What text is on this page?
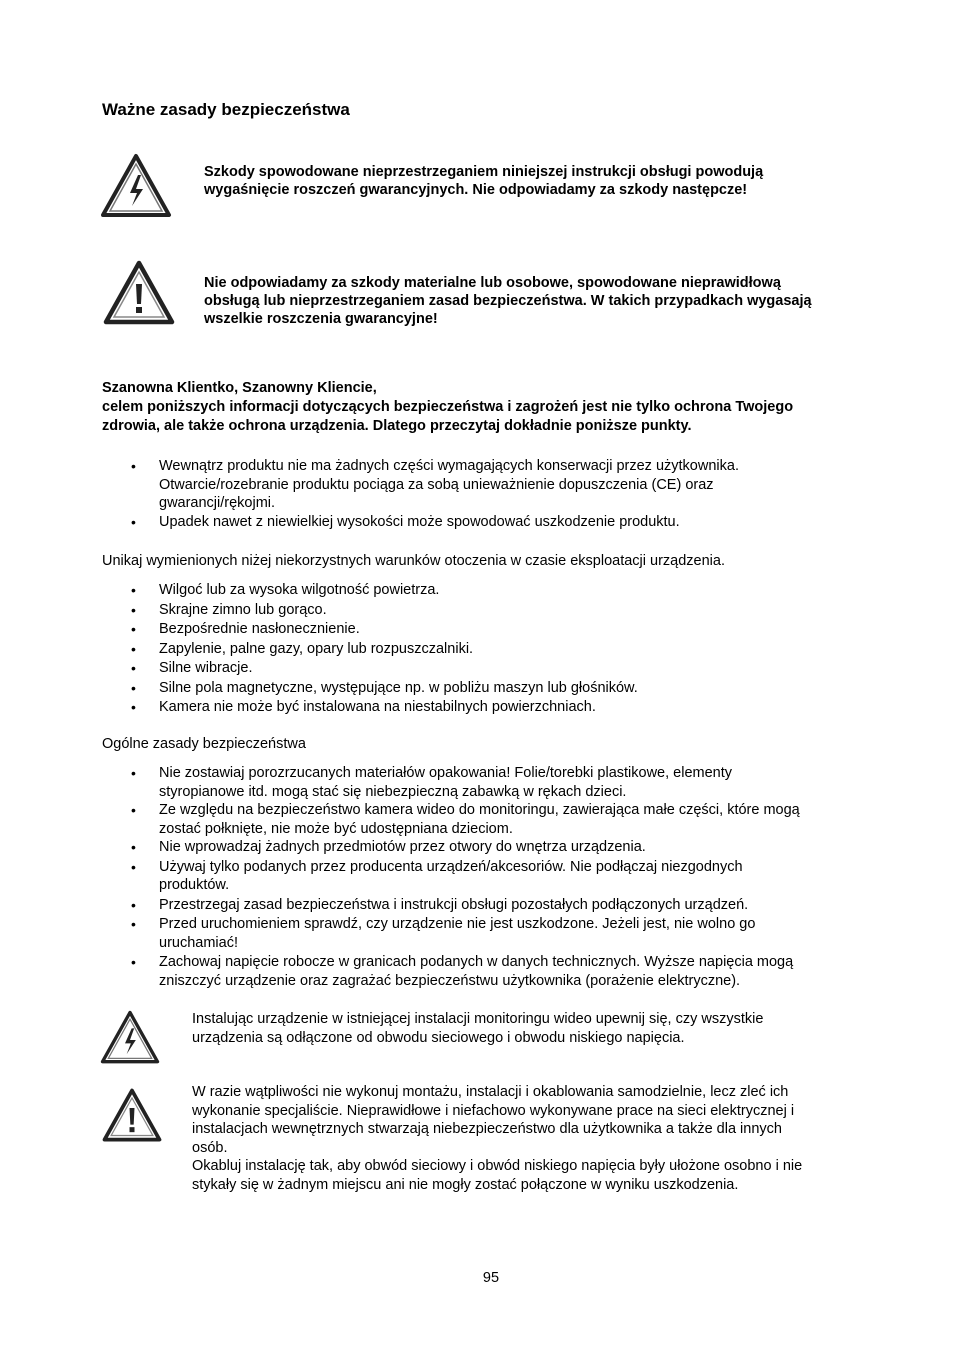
Ważne zasady bezpieczeństwa
Szkody spowodowane nieprzestrzeganiem niniejszej instrukcji obsługi powodują
wygaśnięcie roszczeń gwarancyjnych. Nie odpowiadamy za szkody następcze!
Nie odpowiadamy za szkody materialne lub osobowe, spowodowane nieprawidłową
obsługą lub nieprzestrzeganiem zasad bezpieczeństwa. W takich przypadkach wygasają
wszelkie roszczenia gwarancyjne!
Szanowna Klientko, Szanowny Kliencie,
celem poniższych informacji dotyczących bezpieczeństwa i zagrożeń jest nie tylko ochrona Twojego
zdrowia, ale także ochrona urządzenia. Dlatego przeczytaj dokładnie poniższe punkty.
• Wewnątrz produktu nie ma żadnych części wymagających konserwacji przez użytkownika.
Otwarcie/rozebranie produktu pociąga za sobą unieważnienie dopuszczenia (CE) oraz
gwarancji/rękojmi.
• Upadek nawet z niewielkiej wysokości może spowodować uszkodzenie produktu.
Unikaj wymienionych niżej niekorzystnych warunków otoczenia w czasie eksploatacji urządzenia.
• Wilgoć lub za wysoka wilgotność powietrza.
• Skrajne zimno lub gorąco.
• Bezpośrednie nasłonecznienie.
• Zapylenie, palne gazy, opary lub rozpuszczalniki.
• Silne wibracje.
• Silne pola magnetyczne, występujące np. w pobliżu maszyn lub głośników.
• Kamera nie może być instalowana na niestabilnych powierzchniach.
Ogólne zasady bezpieczeństwa
• Nie zostawiaj porozrzucanych materiałów opakowania! Folie/torebki plastikowe, elementy
styropianowe itd. mogą stać się niebezpieczną zabawką w rękach dzieci.
• Ze względu na bezpieczeństwo kamera wideo do monitoringu, zawierająca małe części, które mogą
zostać połknięte, nie może być udostępniana dzieciom.
• Nie wprowadzaj żadnych przedmiotów przez otwory do wnętrza urządzenia.
• Używaj tylko podanych przez producenta urządzeń/akcesoriów. Nie podłączaj niezgodnych
produktów.
• Przestrzegaj zasad bezpieczeństwa i instrukcji obsługi pozostałych podłączonych urządzeń.
• Przed uruchomieniem sprawdź, czy urządzenie nie jest uszkodzone. Jeżeli jest, nie wolno go
uruchamiać!
• Zachowaj napięcie robocze w granicach podanych w danych technicznych. Wyższe napięcia mogą
zniszczyć urządzenie oraz zagrażać bezpieczeństwu użytkownika (porażenie elektryczne).
Instalując urządzenie w istniejącej instalacji monitoringu wideo upewnij się, czy wszystkie
urządzenia są odłączone od obwodu sieciowego i obwodu niskiego napięcia.
W razie wątpliwości nie wykonuj montażu, instalacji i okablowania samodzielnie, lecz zleć ich
wykonanie specjaliście. Nieprawidłowe i niefachowo wykonywane prace na sieci elektrycznej i
instalacjach wewnętrznych stwarzają niebezpieczeństwo dla użytkownika a także dla innych
osób.
Okabluj instalację tak, aby obwód sieciowy i obwód niskiego napięcia były ułożone osobno i nie
stykały się w żadnym miejscu ani nie mogły zostać połączone w wyniku uszkodzenia.
95
